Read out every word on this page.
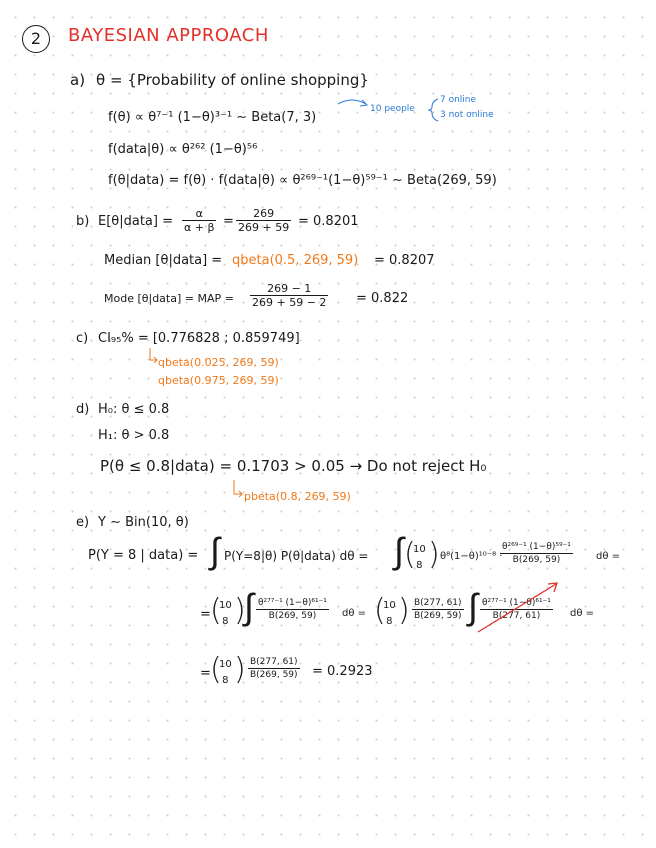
2	BAYESIAN APPROACH
a) θ = {Probability of online shopping}
f(θ) ∝ θ⁷⁻¹ (1−θ)³⁻¹ ∼ Beta(7, 3)
10 people
7 online
3 not online
f(data|θ) ∝ θ²⁶² (1−θ)⁵⁶
f(θ|data) = f(θ) · f(data|θ) ∝ θ²⁶⁹⁻¹(1−θ)⁵⁹⁻¹ ∼ Beta(269, 59)
b) E[θ|data] = $\frac{\alpha}{\alpha + \beta} = \frac{269}{269 + 59} = 0.8201$
Median [θ|data] = qbeta(0.5, 269, 59) = 0.8207
Mode [θ|data] = MAP = $\frac{269 - 1}{269 + 59 - 2} = 0.822$
c) CI₉₅% = [0.776828 ; 0.859749]
qbeta(0.025, 269, 59)
qbeta(0.975, 269, 59)
d) H₀: θ ≤ 0.8
H₁: θ > 0.8
P(θ ≤ 0.8|data) = 0.1703 > 0.05 → Do not reject H₀
pbeta(0.8, 269, 59)
e) Y ∼ Bin(10, θ)
P(Y = 8 | data) = ∫ P(Y=8|θ) P(θ|data) dθ = ∫ (
10
8 ) θ⁸(1−θ)¹⁰⁻⁸ ·
$\frac{\text{θ²⁶⁹⁻¹ (1−θ)⁵⁹⁻¹}}{B(269, 59)}$ dθ =
= (
10
8 )
∫ $\frac{\text{θ²⁷⁷⁻¹ (1−θ)⁶¹⁻¹}}{B(269, 59)}$ dθ = (
10
8 ) $\frac{B(277, 61)}{B(269, 59)}$ ∫ $\frac{\text{θ²⁷⁷⁻¹ (1−θ)⁶¹⁻¹}}{B(277, 61)}$ dθ =
= (
10
8 ) $\frac{B(277, 61)}{B(269, 59)} = 0.2923$
